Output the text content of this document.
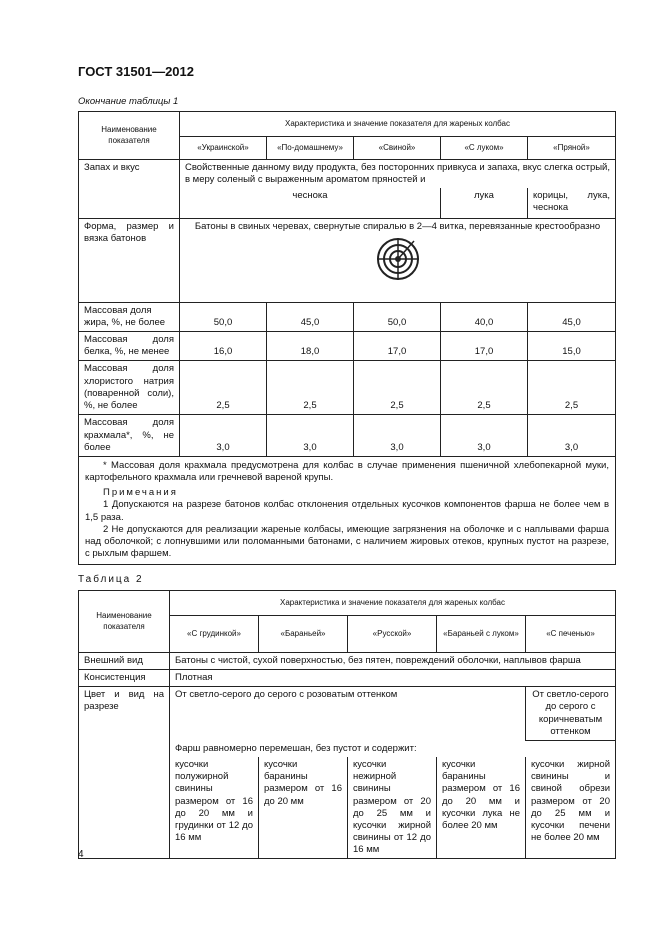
ГОСТ 31501—2012
Окончание таблицы 1
Наименование показателя	Характеристика и значение показателя для жареных колбас				
	«Украинской»	«По-домашнему»	«Свиной»	«С луком»	«Пряной»
Запах и вкус	Свойственные данному виду продукта, без посторонних привкуса и запаха, вкус слегка острый, в меру соленый с выраженным ароматом пряностей и				
	чеснока			лука	корицы, лука, чеснока
Форма, размер и вязка батонов	Батоны в свиных черевах, свернутые спиралью в 2—4 витка, перевязанные крестообразно				

Массовая доля жира, %, не более	50,0	45,0	50,0	40,0	45,0
Массовая доля белка, %, не менее	16,0	18,0	17,0	17,0	15,0
Массовая доля хлористого натрия (поваренной соли), %, не более	2,5	2,5	2,5	2,5	2,5
Массовая доля крахмала*, %, не более	3,0	3,0	3,0	3,0	3,0

* Массовая доля крахмала предусмотрена для колбас в случае применения пшеничной хлебопекарной муки, картофельного крахмала или гречневой вареной крупы.

Примечания

1 Допускаются на разрезе батонов колбас отклонения отдельных кусочков компонентов фарша не более чем в 1,5 раза.

2 Не допускаются для реализации жареные колбасы, имеющие загрязнения на оболочке и с наплывами фарша над оболочкой; с лопнувшими или поломанными батонами, с наличием жировых отеков, крупных пустот на разрезе, с рыхлым фаршем.					

Таблица 2
Наименование показателя	Характеристика и значение показателя для жареных колбас				
	«С грудинкой»	«Бараньей»	«Русской»	«Бараньей с луком»	«С печенью»
Внешний вид	Батоны с чистой, сухой поверхностью, без пятен, повреждений оболочки, наплывов фарша				
Консистенция	Плотная				
Цвет и вид на разрезе	От светло-серого до серого с розоватым оттенком				От светло-серого до серого с коричневатым оттенком
	Фарш равномерно перемешан, без пустот и содержит:				
	кусочки полужирной свинины размером от 16 до 20 мм и грудинки от 12 до 16 мм	кусочки баранины размером от 16 до 20 мм	кусочки нежирной свинины размером от 20 до 25 мм и кусочки жирной свинины от 12 до 16 мм	кусочки баранины размером от 16 до 20 мм и кусочки лука не более 20 мм	кусочки жирной свинины и свиной обрези размером от 20 до 25 мм и кусочки печени не более 20 мм
4
